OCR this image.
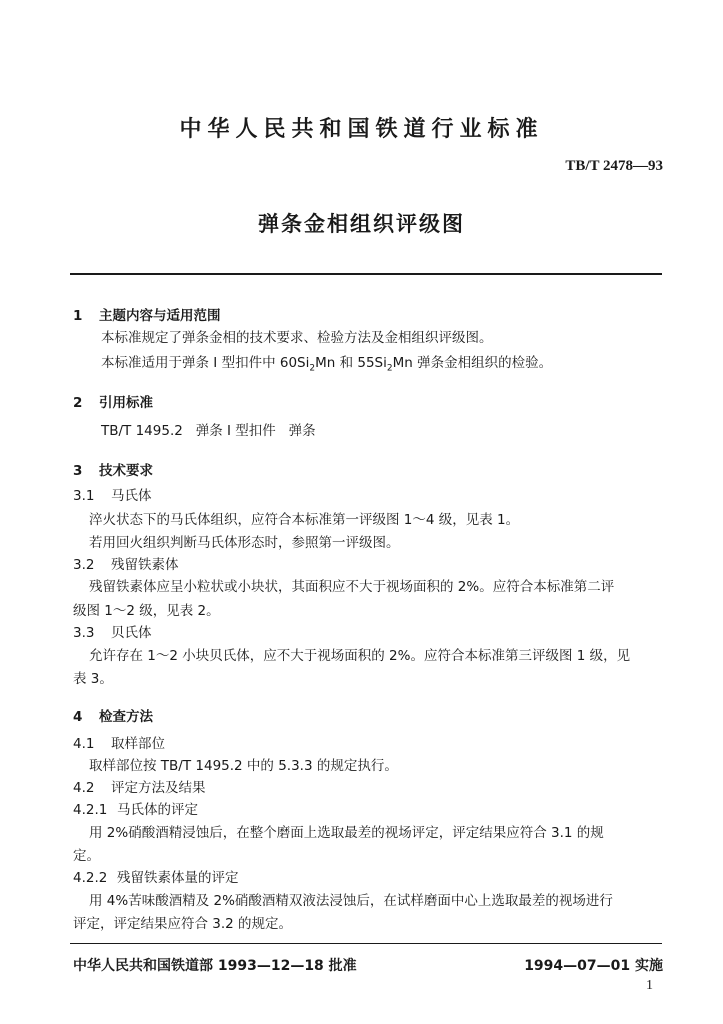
中华人民共和国铁道行业标准
TB/T 2478—93
弹条金相组织评级图
1 主题内容与适用范围
本标准规定了弹条金相的技术要求、检验方法及金相组织评级图。
本标准适用于弹条 I 型扣件中 $60Si_2Mn$ 和 $55Si_2Mn$ 弹条金相组织的检验。
2 引用标准
TB/T 1495.2   弹条 I 型扣件   弹条
3 技术要求
3.1 马氏体
淬火状态下的马氏体组织，应符合本标准第一评级图 1～4 级，见表 1。
若用回火组织判断马氏体形态时，参照第一评级图。
3.2 残留铁素体
残留铁素体应呈小粒状或小块状，其面积应不大于视场面积的 2%。应符合本标准第二评
级图 1～2 级，见表 2。
3.3 贝氏体
允许存在 1～2 小块贝氏体，应不大于视场面积的 2%。应符合本标准第三评级图 1 级，见
表 3。
4 检查方法
4.1 取样部位
取样部位按 TB/T 1495.2 中的 5.3.3 的规定执行。
4.2 评定方法及结果
4.2.1 马氏体的评定
用 2%硝酸酒精浸蚀后，在整个磨面上选取最差的视场评定，评定结果应符合 3.1 的规
定。
4.2.2 残留铁素体量的评定
用 4%苦味酸酒精及 2%硝酸酒精双液法浸蚀后，在试样磨面中心上选取最差的视场进行
评定，评定结果应符合 3.2 的规定。
中华人民共和国铁道部 1993—12—18 批准	1994—07—01 实施
1
